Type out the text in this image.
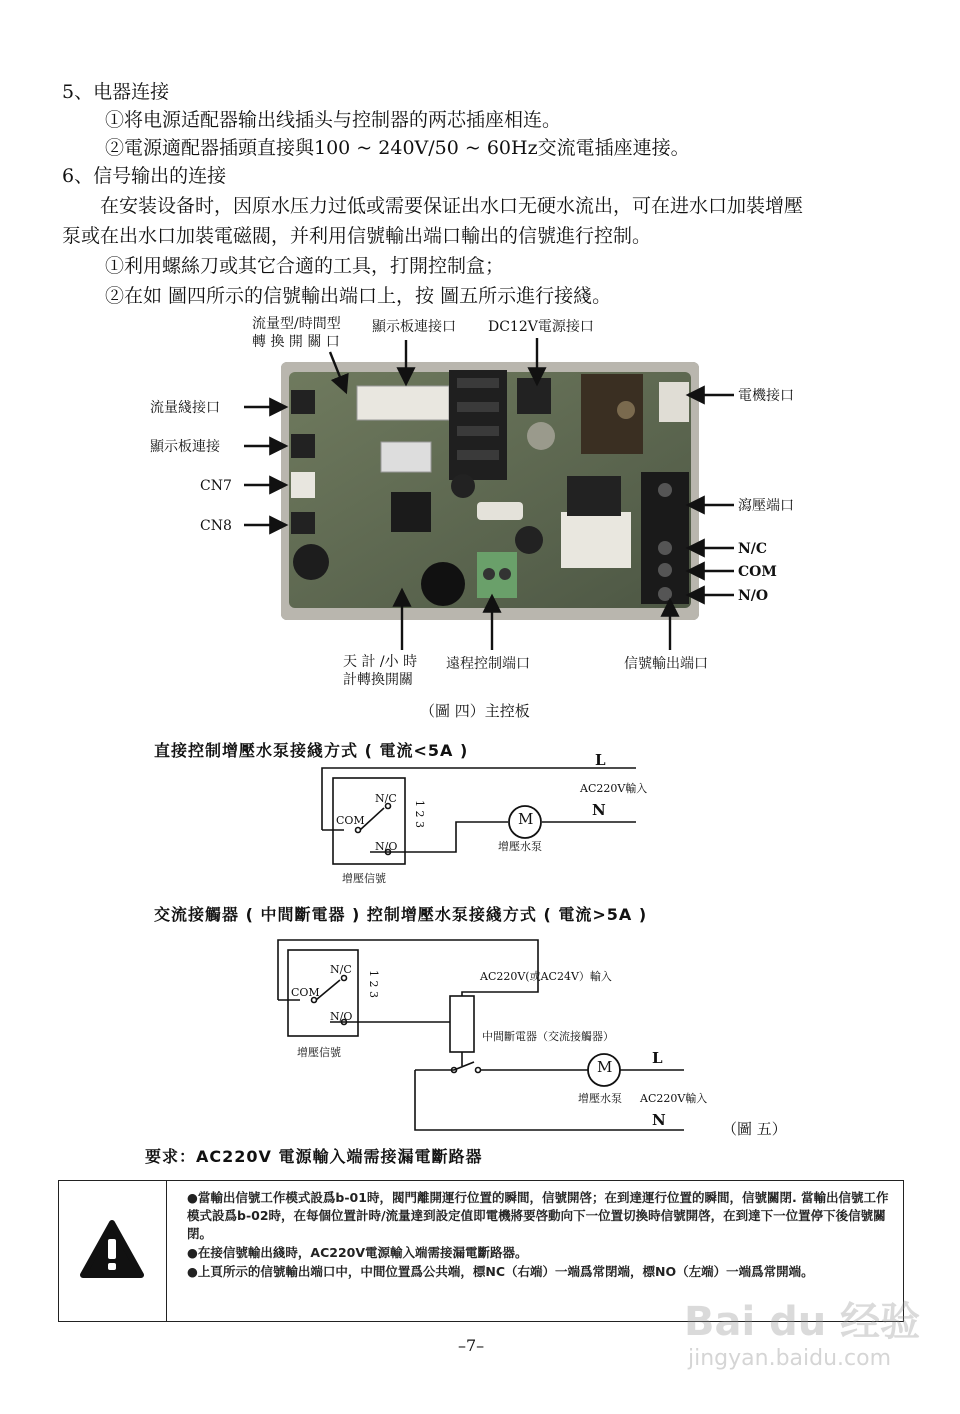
5、电器连接
①将电源适配器输出线插头与控制器的两芯插座相连。
②電源適配器插頭直接與100 ~ 240V/50 ~ 60Hz交流電插座連接。
6、信号输出的连接
在安装设备时，因原水压力过低或需要保证出水口无硬水流出，可在进水口加裝增壓
泵或在出水口加裝電磁閥，并利用信號輸出端口輸出的信號進行控制。
①利用螺絲刀或其它合適的工具，打開控制盒；
②在如 圖四所示的信號輸出端口上，按 圖五所示進行接綫。
流量型/時間型
轉 換 開 關 口
顯示板連接口 DC12V電源接口
流量綫接口
顯示板連接
CN7
CN8
電機接口
瀉壓端口
N/C
COM
N/O
天 計 /小 時
計轉換開關
遠程控制端口	信號輸出端口
（圖 四）主控板
直接控制增壓水泵接綫方式 ( 電流<5A )	L
AC220V輸入
N
N/C
COM
N/O
1 2 3	M
增壓水泵
增壓信號
交流接觸器 ( 中間斷電器 ) 控制增壓水泵接綫方式 ( 電流>5A )
AC220V(或AC24V）輸入
中間斷電器（交流接觸器）
N/C
COM
N/O
1 2 3
增壓信號
M	L
增壓水泵 AC220V輸入
N	（圖 五）
要求：AC220V 電源輸入端需接漏電斷路器

●當輸出信號工作模式設爲b-01時，閥門離開運行位置的瞬間，信號開啓；在到達運行位置的瞬間，信號關閉. 當輸出信號工作模式設爲b-02時，在每個位置計時/流量達到設定值即電機將要啓動向下一位置切換時信號開啓，在到達下一位置停下後信號關閉。

●在接信號輸出綫時，AC220V電源輸入端需接漏電斷路器。

●上頁所示的信號輸出端口中，中間位置爲公共端，標NC（右端）一端爲常閉端，標NO（左端）一端爲常開端。

–7–
Bai du 经验
jingyan.baidu.com
